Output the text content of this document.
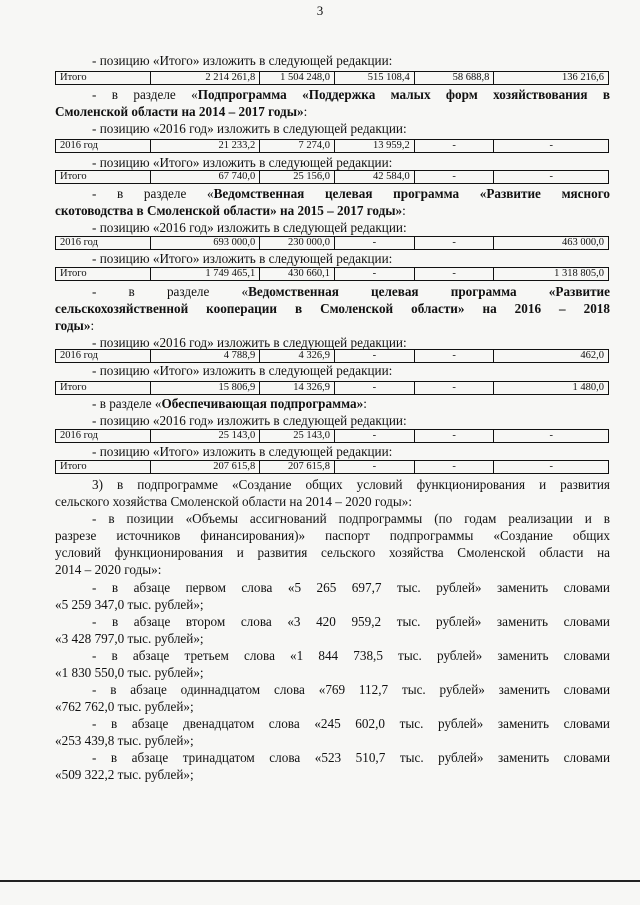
3
- позицию «Итого» изложить в следующей редакции:
Итого	2 214 261,8	1 504 248,0	515 108,4	58 688,8	136 216,6
- в разделе «Подпрограмма «Поддержка малых форм хозяйствования в
Смоленской области на 2014 – 2017 годы»:
- позицию «2016 год» изложить в следующей редакции:
2016 год	21 233,2	7 274,0	13 959,2	-	-
- позицию «Итого» изложить в следующей редакции:
Итого	67 740,0	25 156,0	42 584,0	-	-
- в разделе «Ведомственная целевая программа «Развитие мясного
скотоводства в Смоленской области» на 2015 – 2017 годы»:
- позицию «2016 год» изложить в следующей редакции:
2016 год	693 000,0	230 000,0	-	-	463 000,0
- позицию «Итого» изложить в следующей редакции:
Итого	1 749 465,1	430 660,1	-	-	1 318 805,0
- в разделе «Ведомственная целевая программа «Развитие
сельскохозяйственной кооперации в Смоленской области» на 2016 – 2018
годы»:
- позицию «2016 год» изложить в следующей редакции:
2016 год	4 788,9	4 326,9	-	-	462,0
- позицию «Итого» изложить в следующей редакции:
Итого	15 806,9	14 326,9	-	-	1 480,0
- в разделе «Обеспечивающая подпрограмма»:
- позицию «2016 год» изложить в следующей редакции:
2016 год	25 143,0	25 143,0	-	-	-
- позицию «Итого» изложить в следующей редакции:
Итого	207 615,8	207 615,8	-	-	-
3) в подпрограмме «Создание общих условий функционирования и развития
сельского хозяйства Смоленской области на 2014 – 2020 годы»:
- в позиции «Объемы ассигнований подпрограммы (по годам реализации и в
разрезе источников финансирования)» паспорт подпрограммы «Создание общих
условий функционирования и развития сельского хозяйства Смоленской области на
2014 – 2020 годы»:
- в абзаце первом слова «5 265 697,7 тыс. рублей» заменить словами
«5 259 347,0 тыс. рублей»;
- в абзаце втором слова «3 420 959,2 тыс. рублей» заменить словами
«3 428 797,0 тыс. рублей»;
- в абзаце третьем слова «1 844 738,5 тыс. рублей» заменить словами
«1 830 550,0 тыс. рублей»;
- в абзаце одиннадцатом слова «769 112,7 тыс. рублей» заменить словами
«762 762,0 тыс. рублей»;
- в абзаце двенадцатом слова «245 602,0 тыс. рублей» заменить словами
«253 439,8 тыс. рублей»;
- в абзаце тринадцатом слова «523 510,7 тыс. рублей» заменить словами
«509 322,2 тыс. рублей»;
